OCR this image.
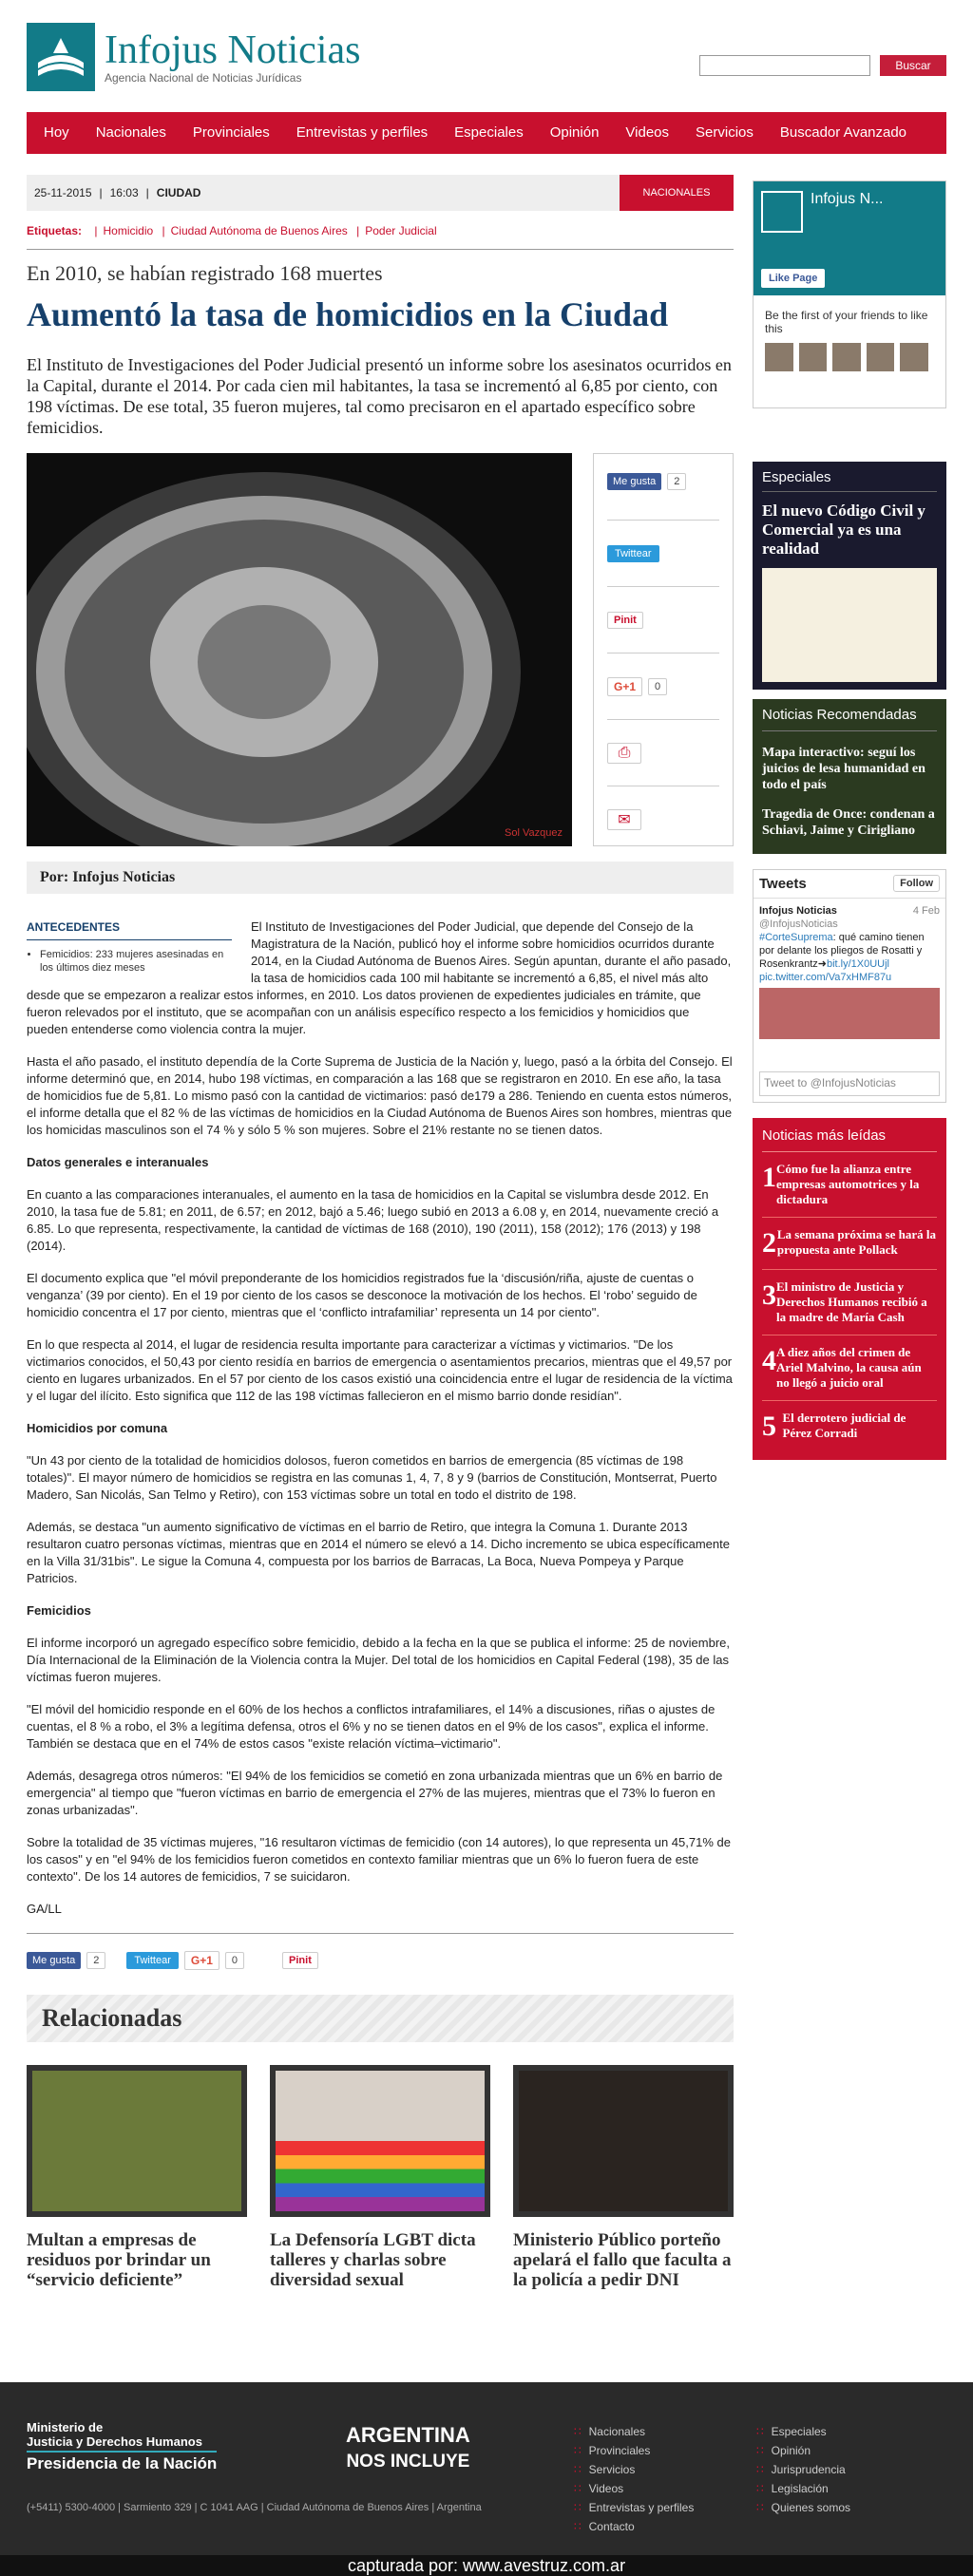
Infojus Noticias
Agencia Nacional de Noticias Jurídicas
Buscar
Hoy	Nacionales	Provinciales	Entrevistas y perfiles	Especiales	Opinión	Videos	Servicios	Buscador Avanzado
25-11-2015 | 16:03 | CIUDAD	NACIONALES
Etiquetas: | Homicidio | Ciudad Autónoma de Buenos Aires | Poder Judicial
En 2010, se habían registrado 168 muertes
Aumentó la tasa de homicidios en la Ciudad
El Instituto de Investigaciones del Poder Judicial presentó un informe sobre los asesinatos ocurridos en la Capital, durante el 2014. Por cada cien mil habitantes, la tasa se incrementó al 6,85 por ciento, con 198 víctimas. De ese total, 35 fueron mujeres, tal como precisaron en el apartado específico sobre femicidios.
Sol Vazquez
Me gusta	2
Twittear
Pinit
G+1	0
⎙
✉
Por: Infojus Noticias
ANTECEDENTES
• Femicidios: 233 mujeres asesinadas en los últimos diez meses

El Instituto de Investigaciones del Poder Judicial, que depende del Consejo de la Magistratura de la Nación, publicó hoy el informe sobre homicidios ocurridos durante 2014, en la Ciudad Autónoma de Buenos Aires. Según apuntan, durante el año pasado, la tasa de homicidios cada 100 mil habitante se incrementó a 6,85, el nivel más alto desde que se empezaron a realizar estos informes, en 2010. Los datos provienen de expedientes judiciales en trámite, que fueron relevados por el instituto, que se acompañan con un análisis específico respecto a los femicidios y homicidios que pueden entenderse como violencia contra la mujer.

Hasta el año pasado, el instituto dependía de la Corte Suprema de Justicia de la Nación y, luego, pasó a la órbita del Consejo. El informe determinó que, en 2014, hubo 198 víctimas, en comparación a las 168 que se registraron en 2010. En ese año, la tasa de homicidios fue de 5,81. Lo mismo pasó con la cantidad de victimarios: pasó de179 a 286. Teniendo en cuenta estos números, el informe detalla que el 82 % de las víctimas de homicidios en la Ciudad Autónoma de Buenos Aires son hombres, mientras que los homicidas masculinos son el 74 % y sólo 5 % son mujeres. Sobre el 21% restante no se tienen datos.

Datos generales e interanuales

En cuanto a las comparaciones interanuales, el aumento en la tasa de homicidios en la Capital se vislumbra desde 2012. En 2010, la tasa fue de 5.81; en 2011, de 6.57; en 2012, bajó a 5.46; luego subió en 2013 a 6.08 y, en 2014, nuevamente creció a 6.85. Lo que representa, respectivamente, la cantidad de víctimas de 168 (2010), 190 (2011), 158 (2012); 176 (2013) y 198 (2014).

El documento explica que "el móvil preponderante de los homicidios registrados fue la ‘discusión/riña, ajuste de cuentas o venganza’ (39 por ciento). En el 19 por ciento de los casos se desconoce la motivación de los hechos. El ‘robo’ seguido de homicidio concentra el 17 por ciento, mientras que el ‘conflicto intrafamiliar’ representa un 14 por ciento".

En lo que respecta al 2014, el lugar de residencia resulta importante para caracterizar a víctimas y victimarios. "De los victimarios conocidos, el 50,43 por ciento residía en barrios de emergencia o asentamientos precarios, mientras que el 49,57 por ciento en lugares urbanizados. En el 57 por ciento de los casos existió una coincidencia entre el lugar de residencia de la víctima y el lugar del ilícito. Esto significa que 112 de las 198 víctimas fallecieron en el mismo barrio donde residían".

Homicidios por comuna

"Un 43 por ciento de la totalidad de homicidios dolosos, fueron cometidos en barrios de emergencia (85 víctimas de 198 totales)". El mayor número de homicidios se registra en las comunas 1, 4, 7, 8 y 9 (barrios de Constitución, Montserrat, Puerto Madero, San Nicolás, San Telmo y Retiro), con 153 víctimas sobre un total en todo el distrito de 198.

Además, se destaca "un aumento significativo de víctimas en el barrio de Retiro, que integra la Comuna 1. Durante 2013 resultaron cuatro personas víctimas, mientras que en 2014 el número se elevó a 14. Dicho incremento se ubica específicamente en la Villa 31/31bis". Le sigue la Comuna 4, compuesta por los barrios de Barracas, La Boca, Nueva Pompeya y Parque Patricios.

Femicidios

El informe incorporó un agregado específico sobre femicidio, debido a la fecha en la que se publica el informe: 25 de noviembre, Día Internacional de la Eliminación de la Violencia contra la Mujer. Del total de los homicidios en Capital Federal (198), 35 de las víctimas fueron mujeres.

"El móvil del homicidio responde en el 60% de los hechos a conflictos intrafamiliares, el 14% a discusiones, riñas o ajustes de cuentas, el 8 % a robo, el 3% a legítima defensa, otros el 6% y no se tienen datos en el 9% de los casos", explica el informe. También se destaca que en el 74% de estos casos "existe relación víctima–victimario".

Además, desagrega otros números: "El 94% de los femicidios se cometió en zona urbanizada mientras que un 6% en barrio de emergencia" al tiempo que "fueron víctimas en barrio de emergencia el 27% de las mujeres, mientras que el 73% lo fueron en zonas urbanizadas".

Sobre la totalidad de 35 víctimas mujeres, "16 resultaron víctimas de femicidio (con 14 autores), lo que representa un 45,71% de los casos" y en "el 94% de los femicidios fueron cometidos en contexto familiar mientras que un 6% lo fueron fuera de este contexto". De los 14 autores de femicidios, 7 se suicidaron.

GA/LL

Me gusta	2	Twittear	G+1	0	Pinit
Relacionadas
Multan a empresas de residuos por brindar un “servicio deficiente”
La Defensoría LGBT dicta talleres y charlas sobre diversidad sexual
Ministerio Público porteño apelará el fallo que faculta a la policía a pedir DNI
Infojus N...
Like Page
Be the first of your friends to like this
Especiales
El nuevo Código Civil y Comercial ya es una realidad
Noticias Recomendadas
Mapa interactivo: seguí los juicios de lesa humanidad en todo el país
Tragedia de Once: condenan a Schiavi, Jaime y Cirigliano
Tweets	Follow
Infojus Noticias	4 Feb
@InfojusNoticias
#CorteSuprema: qué camino tienen por delante los pliegos de Rosatti y Rosenkrantz➜bit.ly/1X0UUjl
pic.twitter.com/Va7xHMF87u
Tweet to @InfojusNoticias
Noticias más leídas
1 Cómo fue la alianza entre empresas automotrices y la dictadura
2 La semana próxima se hará la propuesta ante Pollack
3 El ministro de Justicia y Derechos Humanos recibió a la madre de María Cash
4 A diez años del crimen de Ariel Malvino, la causa aún no llegó a juicio oral
5 El derrotero judicial de Pérez Corradi
Ministerio de
Justicia y Derechos Humanos
Presidencia de la Nación
ARGENTINA
NOS INCLUYE
(+5411) 5300-4000 | Sarmiento 329 | C 1041 AAG | Ciudad Autónoma de Buenos Aires | Argentina
∷ Nacionales
∷ Provinciales
∷ Servicios
∷ Videos
∷ Entrevistas y perfiles
∷ Contacto
∷ Especiales
∷ Opinión
∷ Jurisprudencia
∷ Legislación
∷ Quienes somos
capturada por: www.avestruz.com.ar
